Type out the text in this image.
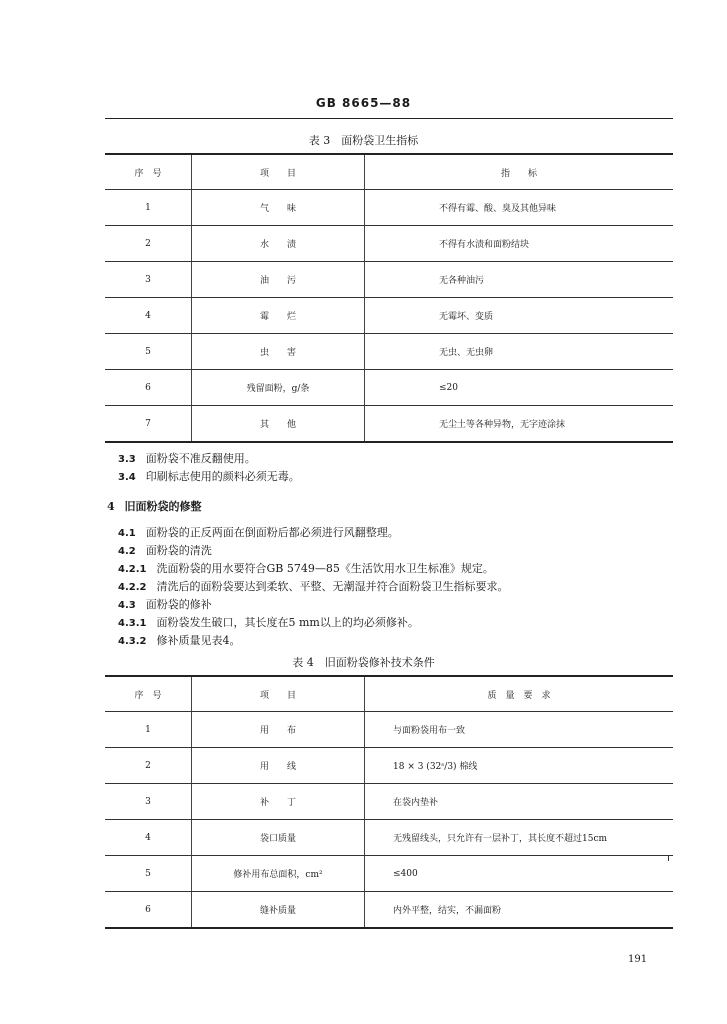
GB 8665—88
表 3　面粉袋卫生指标
序　号	项　　目	指　　标
1	气　　味	不得有霉、酸、臭及其他异味
2	水　　渍	不得有水渍和面粉结块
3	油　　污	无各种油污
4	霉　　烂	无霉坏、变质
5	虫　　害	无虫、无虫卵
6	残留面粉，g/条	≤20
7	其　　他	无尘土等各种异物，无字迹涂抹
3.3 面粉袋不准反翻使用。
3.4 印刷标志使用的颜料必须无毒。
4 旧面粉袋的修整
4.1 面粉袋的正反两面在倒面粉后都必须进行风翻整理。
4.2 面粉袋的清洗
4.2.1 洗面粉袋的用水要符合GB 5749—85《生活饮用水卫生标准》规定。
4.2.2 清洗后的面粉袋要达到柔软、平整、无潮湿并符合面粉袋卫生指标要求。
4.3 面粉袋的修补
4.3.1 面粉袋发生破口，其长度在5 mm以上的均必须修补。
4.3.2 修补质量见表4。
表 4　旧面粉袋修补技术条件
序　号	项　　目	质　量　要　求
1	用　　布	与面粉袋用布一致
2	用　　线	18 × 3 (32ˢ/3) 棉线
3	补　　丁	在袋内垫补
4	袋口质量	无残留线头，只允许有一层补丁，其长度不超过15cm
5	修补用布总面积，cm²	≤400
6	缝补质量	内外平整，结实，不漏面粉
191
